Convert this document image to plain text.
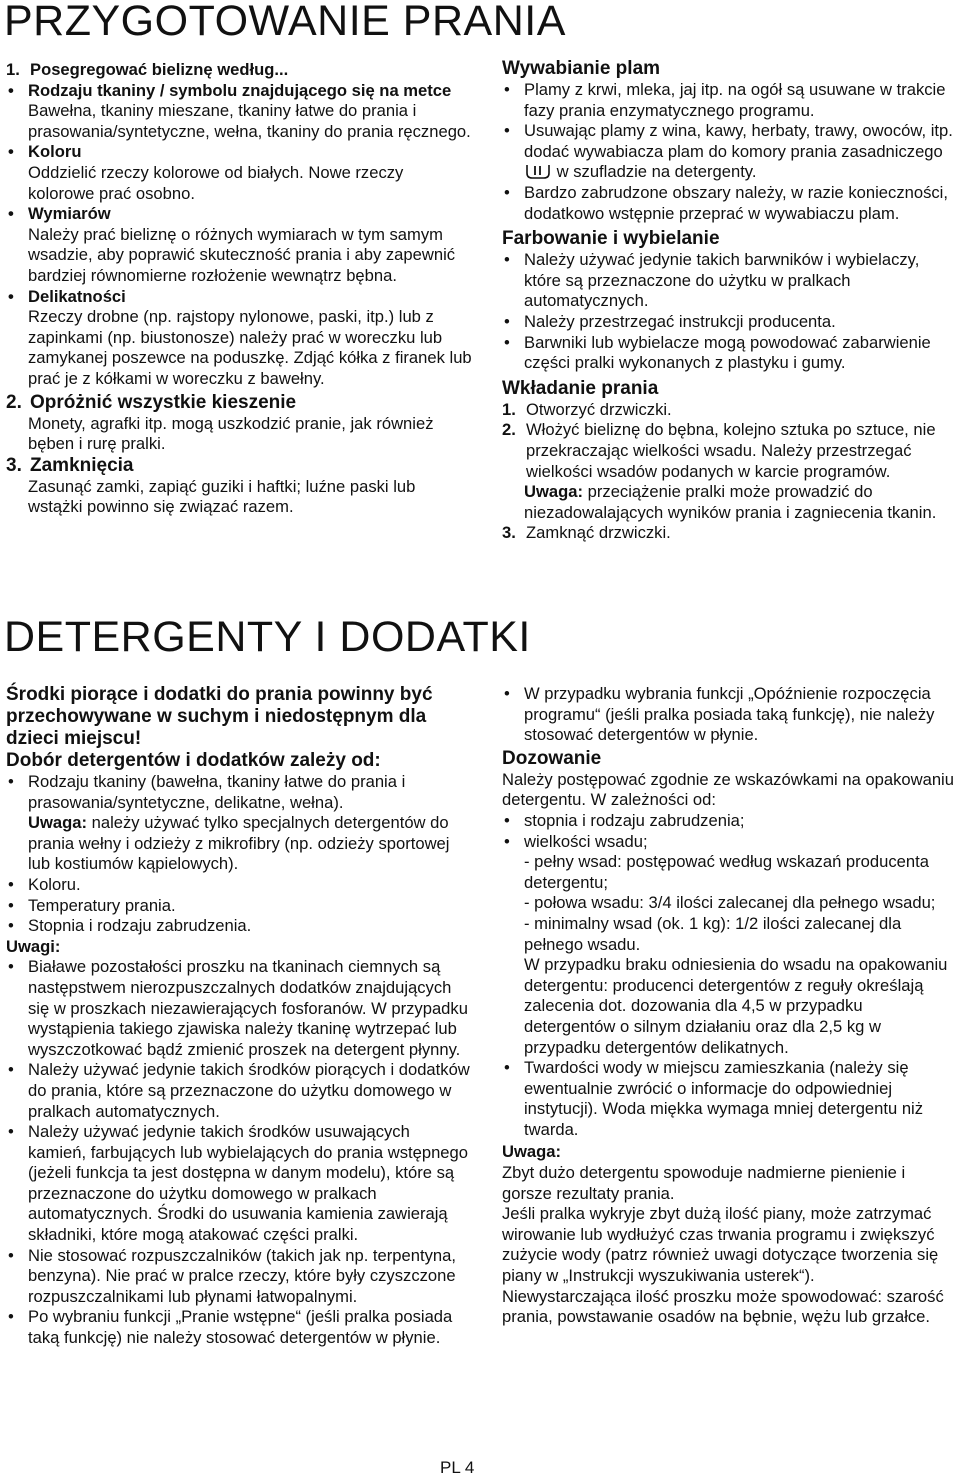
PRZYGOTOWANIE PRANIA

1. Posegregować bieliznę według...

• Rodzaju tkaniny / symbolu znajdującego się na metce

Bawełna, tkaniny mieszane, tkaniny łatwe do prania i prasowania/syntetyczne, wełna, tkaniny do prania ręcznego.

• Koloru

Oddzielić rzeczy kolorowe od białych. Nowe rzeczy kolorowe prać osobno.

• Wymiarów

Należy prać bieliznę o różnych wymiarach w tym samym wsadzie, aby poprawić skuteczność prania i aby zapewnić bardziej równomierne rozłożenie wewnątrz bębna.

• Delikatności

Rzeczy drobne (np. rajstopy nylonowe, paski, itp.) lub z zapinkami (np. biustonosze) należy prać w woreczku lub zamykanej poszewce na poduszkę. Zdjąć kółka z firanek lub prać je z kółkami w woreczku z bawełny.

2. Opróżnić wszystkie kieszenie

Monety, agrafki itp. mogą uszkodzić pranie, jak również bęben i rurę pralki.

3. Zamknięcia

Zasunąć zamki, zapiąć guziki i haftki; luźne paski lub wstążki powinno się związać razem.

Wywabianie plam

• Plamy z krwi, mleka, jaj itp. na ogół są usuwane w trakcie fazy prania enzymatycznego programu.

• Usuwając plamy z wina, kawy, herbaty, trawy, owoców, itp. dodać wywabiacza plam do komory prania zasadniczego  w szufladzie na detergenty.

• Bardzo zabrudzone obszary należy, w razie konieczności, dodatkowo wstępnie przeprać w wywabiaczu plam.

Farbowanie i wybielanie

• Należy używać jedynie takich barwników i wybielaczy, które są przeznaczone do użytku w pralkach automatycznych.

• Należy przestrzegać instrukcji producenta.

• Barwniki lub wybielacze mogą powodować zabarwienie części pralki wykonanych z plastyku i gumy.

Wkładanie prania

1. Otworzyć drzwiczki.

2. Włożyć bieliznę do bębna, kolejno sztuka po sztuce, nie przekraczając wielkości wsadu. Należy przestrzegać wielkości wsadów podanych w karcie programów.

Uwaga: przeciążenie pralki może prowadzić do niezadowalających wyników prania i zagniecenia tkanin.

3. Zamknąć drzwiczki.

DETERGENTY I DODATKI

Środki piorące i dodatki do prania powinny być przechowywane w suchym i niedostępnym dla dzieci miejscu!

Dobór detergentów i dodatków zależy od:

• Rodzaju tkaniny (bawełna, tkaniny łatwe do prania i prasowania/syntetyczne, delikatne, wełna).

Uwaga: należy używać tylko specjalnych detergentów do prania wełny i odzieży z mikrofibry (np. odzieży sportowej lub kostiumów kąpielowych).

• Koloru.

• Temperatury prania.

• Stopnia i rodzaju zabrudzenia.

Uwagi:

• Białawe pozostałości proszku na tkaninach ciemnych są następstwem nierozpuszczalnych dodatków znajdujących się w proszkach niezawierających fosforanów. W przypadku wystąpienia takiego zjawiska należy tkaninę wytrzepać lub wyszczotkować bądź zmienić proszek na detergent płynny.

• Należy używać jedynie takich środków piorących i dodatków do prania, które są przeznaczone do użytku domowego w pralkach automatycznych.

• Należy używać jedynie takich środków usuwających kamień, farbujących lub wybielających do prania wstępnego (jeżeli funkcja ta jest dostępna w danym modelu), które są przeznaczone do użytku domowego w pralkach automatycznych. Środki do usuwania kamienia zawierają składniki, które mogą atakować części pralki.

• Nie stosować rozpuszczalników (takich jak np. terpentyna, benzyna). Nie prać w pralce rzeczy, które były czyszczone rozpuszczalnikami lub płynami łatwopalnymi.

• Po wybraniu funkcji „Pranie wstępne“ (jeśli pralka posiada taką funkcję) nie należy stosować detergentów w płynie.

• W przypadku wybrania funkcji „Opóźnienie rozpoczęcia programu“ (jeśli pralka posiada taką funkcję), nie należy stosować detergentów w płynie.

Dozowanie

Należy postępować zgodnie ze wskazówkami na opakowaniu detergentu. W zależności od:

• stopnia i rodzaju zabrudzenia;

• wielkości wsadu;

- pełny wsad: postępować według wskazań producenta detergentu;

- połowa wsadu: 3/4 ilości zalecanej dla pełnego wsadu;

- minimalny wsad (ok. 1 kg): 1/2 ilości zalecanej dla pełnego wsadu.

W przypadku braku odniesienia do wsadu na opakowaniu detergentu: producenci detergentów z reguły określają zalecenia dot. dozowania dla 4,5 w przypadku detergentów o silnym działaniu oraz dla 2,5 kg w przypadku detergentów delikatnych.

• Twardości wody w miejscu zamieszkania (należy się ewentualnie zwrócić o informacje do odpowiedniej instytucji). Woda miękka wymaga mniej detergentu niż twarda.

Uwaga:

Zbyt dużo detergentu spowoduje nadmierne pienienie i gorsze rezultaty prania.

Jeśli pralka wykryje zbyt dużą ilość piany, może zatrzymać wirowanie lub wydłużyć czas trwania programu i zwiększyć zużycie wody (patrz również uwagi dotyczące tworzenia się piany w „Instrukcji wyszukiwania usterek“).

Niewystarczająca ilość proszku może spowodować: szarość prania, powstawanie osadów na bębnie, wężu lub grzałce.

PL 4
